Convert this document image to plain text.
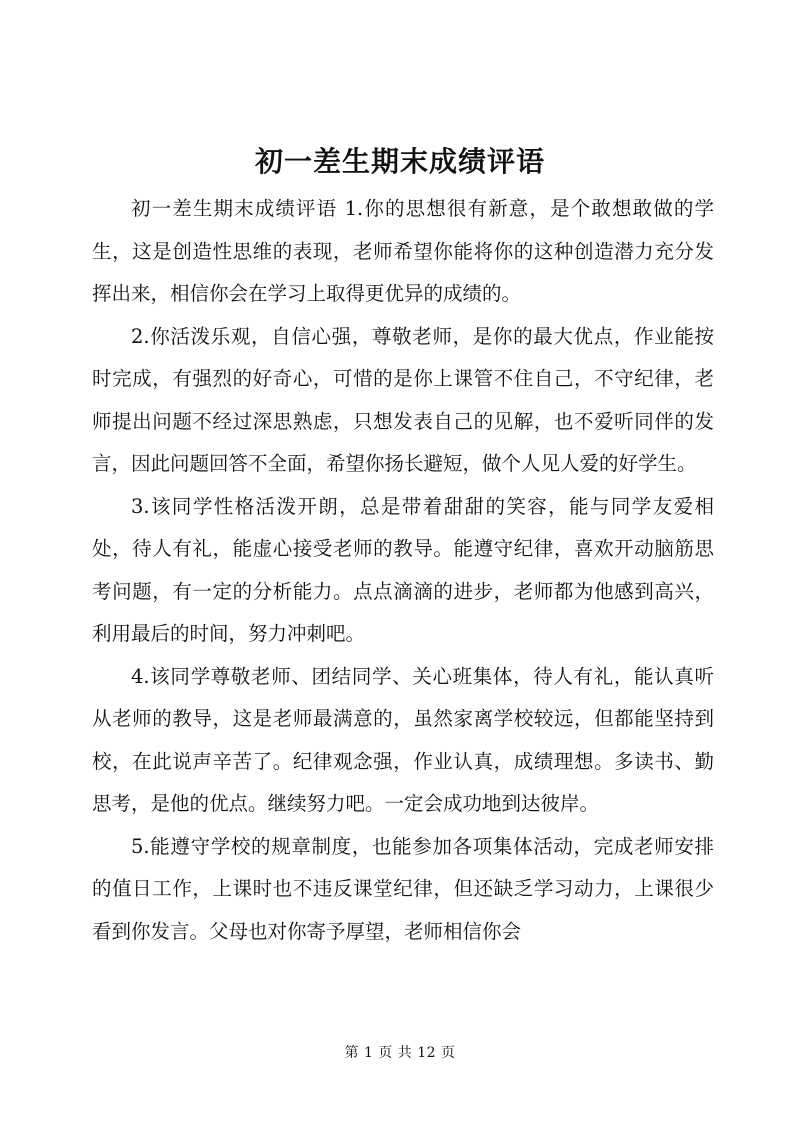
初一差生期末成绩评语

初一差生期末成绩评语 1.你的思想很有新意，是个敢想敢做的学生，这是创造性思维的表现，老师希望你能将你的这种创造潜力充分发挥出来，相信你会在学习上取得更优异的成绩的。

2.你活泼乐观，自信心强，尊敬老师，是你的最大优点，作业能按时完成，有强烈的好奇心，可惜的是你上课管不住自己，不守纪律，老师提出问题不经过深思熟虑，只想发表自己的见解，也不爱听同伴的发言，因此问题回答不全面，希望你扬长避短，做个人见人爱的好学生。

3.该同学性格活泼开朗，总是带着甜甜的笑容，能与同学友爱相处，待人有礼，能虚心接受老师的教导。能遵守纪律，喜欢开动脑筋思考问题，有一定的分析能力。点点滴滴的进步，老师都为他感到高兴，利用最后的时间，努力冲刺吧。

4.该同学尊敬老师、团结同学、关心班集体，待人有礼，能认真听从老师的教导，这是老师最满意的，虽然家离学校较远，但都能坚持到校，在此说声辛苦了。纪律观念强，作业认真，成绩理想。多读书、勤思考，是他的优点。继续努力吧。一定会成功地到达彼岸。

5.能遵守学校的规章制度，也能参加各项集体活动，完成老师安排的值日工作，上课时也不违反课堂纪律，但还缺乏学习动力，上课很少看到你发言。父母也对你寄予厚望，老师相信你会

第 1 页 共 12 页
